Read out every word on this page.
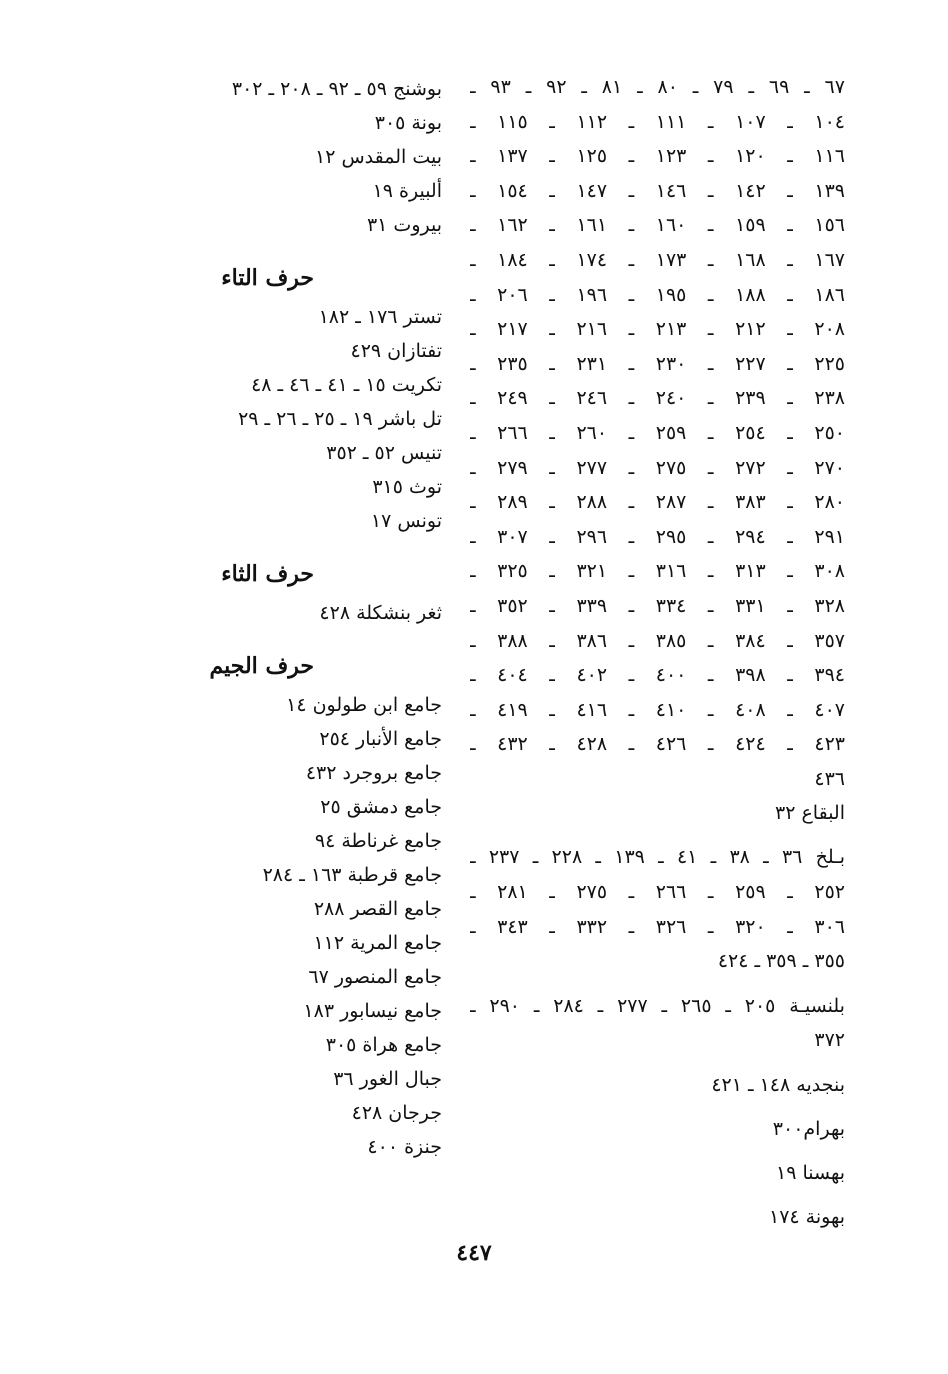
٦٧ ـ ٦٩ ـ ٧٩ ـ ٨٠ ـ ٨١ ـ ٩٢ ـ ٩٣ ـ
١٠٤ ـ ١٠٧ ـ ١١١ ـ ١١٢ ـ ١١٥ ـ
١١٦ ـ ١٢٠ ـ ١٢٣ ـ ١٢٥ ـ ١٣٧ ـ
١٣٩ ـ ١٤٢ ـ ١٤٦ ـ ١٤٧ ـ ١٥٤ ـ
١٥٦ ـ ١٥٩ ـ ١٦٠ ـ ١٦١ ـ ١٦٢ ـ
١٦٧ ـ ١٦٨ ـ ١٧٣ ـ ١٧٤ ـ ١٨٤ ـ
١٨٦ ـ ١٨٨ ـ ١٩٥ ـ ١٩٦ ـ ٢٠٦ ـ
٢٠٨ ـ ٢١٢ ـ ٢١٣ ـ ٢١٦ ـ ٢١٧ ـ
٢٢٥ ـ ٢٢٧ ـ ٢٣٠ ـ ٢٣١ ـ ٢٣٥ ـ
٢٣٨ ـ ٢٣٩ ـ ٢٤٠ ـ ٢٤٦ ـ ٢٤٩ ـ
٢٥٠ ـ ٢٥٤ ـ ٢٥٩ ـ ٢٦٠ ـ ٢٦٦ ـ
٢٧٠ ـ ٢٧٢ ـ ٢٧٥ ـ ٢٧٧ ـ ٢٧٩ ـ
٢٨٠ ـ ٣٨٣ ـ ٢٨٧ ـ ٢٨٨ ـ ٢٨٩ ـ
٢٩١ ـ ٢٩٤ ـ ٢٩٥ ـ ٢٩٦ ـ ٣٠٧ ـ
٣٠٨ ـ ٣١٣ ـ ٣١٦ ـ ٣٢١ ـ ٣٢٥ ـ
٣٢٨ ـ ٣٣١ ـ ٣٣٤ ـ ٣٣٩ ـ ٣٥٢ ـ
٣٥٧ ـ ٣٨٤ ـ ٣٨٥ ـ ٣٨٦ ـ ٣٨٨ ـ
٣٩٤ ـ ٣٩٨ ـ ٤٠٠ ـ ٤٠٢ ـ ٤٠٤ ـ
٤٠٧ ـ ٤٠٨ ـ ٤١٠ ـ ٤١٦ ـ ٤١٩ ـ
٤٢٣ ـ ٤٢٤ ـ ٤٢٦ ـ ٤٢٨ ـ ٤٣٢ ـ
٤٣٦
البقاع ٣٢
بـلخ ٣٦ ـ ٣٨ ـ ٤١ ـ ١٣٩ ـ ٢٢٨ ـ ٢٣٧ ـ
٢٥٢ ـ ٢٥٩ ـ ٢٦٦ ـ ٢٧٥ ـ ٢٨١ ـ
٣٠٦ ـ ٣٢٠ ـ ٣٢٦ ـ ٣٣٢ ـ ٣٤٣ ـ
٣٥٥ ـ ٣٥٩ ـ ٤٢٤
بلنسيـة ٢٠٥ ـ ٢٦٥ ـ ٢٧٧ ـ ٢٨٤ ـ ٢٩٠ ـ
٣٧٢
بنجديه ١٤٨ ـ ٤٢١
بهرام٣٠٠
بهسنا ١٩
بهونة ١٧٤
بوشنج ٥٩ ـ ٩٢ ـ ٢٠٨ ـ ٣٠٢
بونة ٣٠٥
بيت المقدس ١٢
ألبيرة ١٩
بيروت ٣١
حرف التاء
تستر ١٧٦ ـ ١٨٢
تفتازان ٤٢٩
تكريت ١٥ ـ ٤١ ـ ٤٦ ـ ٤٨
تل باشر ١٩ ـ ٢٥ ـ ٢٦ ـ ٢٩
تنيس ٥٢ ـ ٣٥٢
توث ٣١٥
تونس ١٧
حرف الثاء
ثغر بنشكلة ٤٢٨
حرف الجيم
جامع ابن طولون ١٤
جامع الأنبار ٢٥٤
جامع بروجرد ٤٣٢
جامع دمشق ٢٥
جامع غرناطة ٩٤
جامع قرطبة ١٦٣ ـ ٢٨٤
جامع القصر ٢٨٨
جامع المرية ١١٢
جامع المنصور ٦٧
جامع نيسابور ١٨٣
جامع هراة ٣٠٥
جبال الغور ٣٦
جرجان ٤٢٨
جنزة ٤٠٠
٤٤٧
